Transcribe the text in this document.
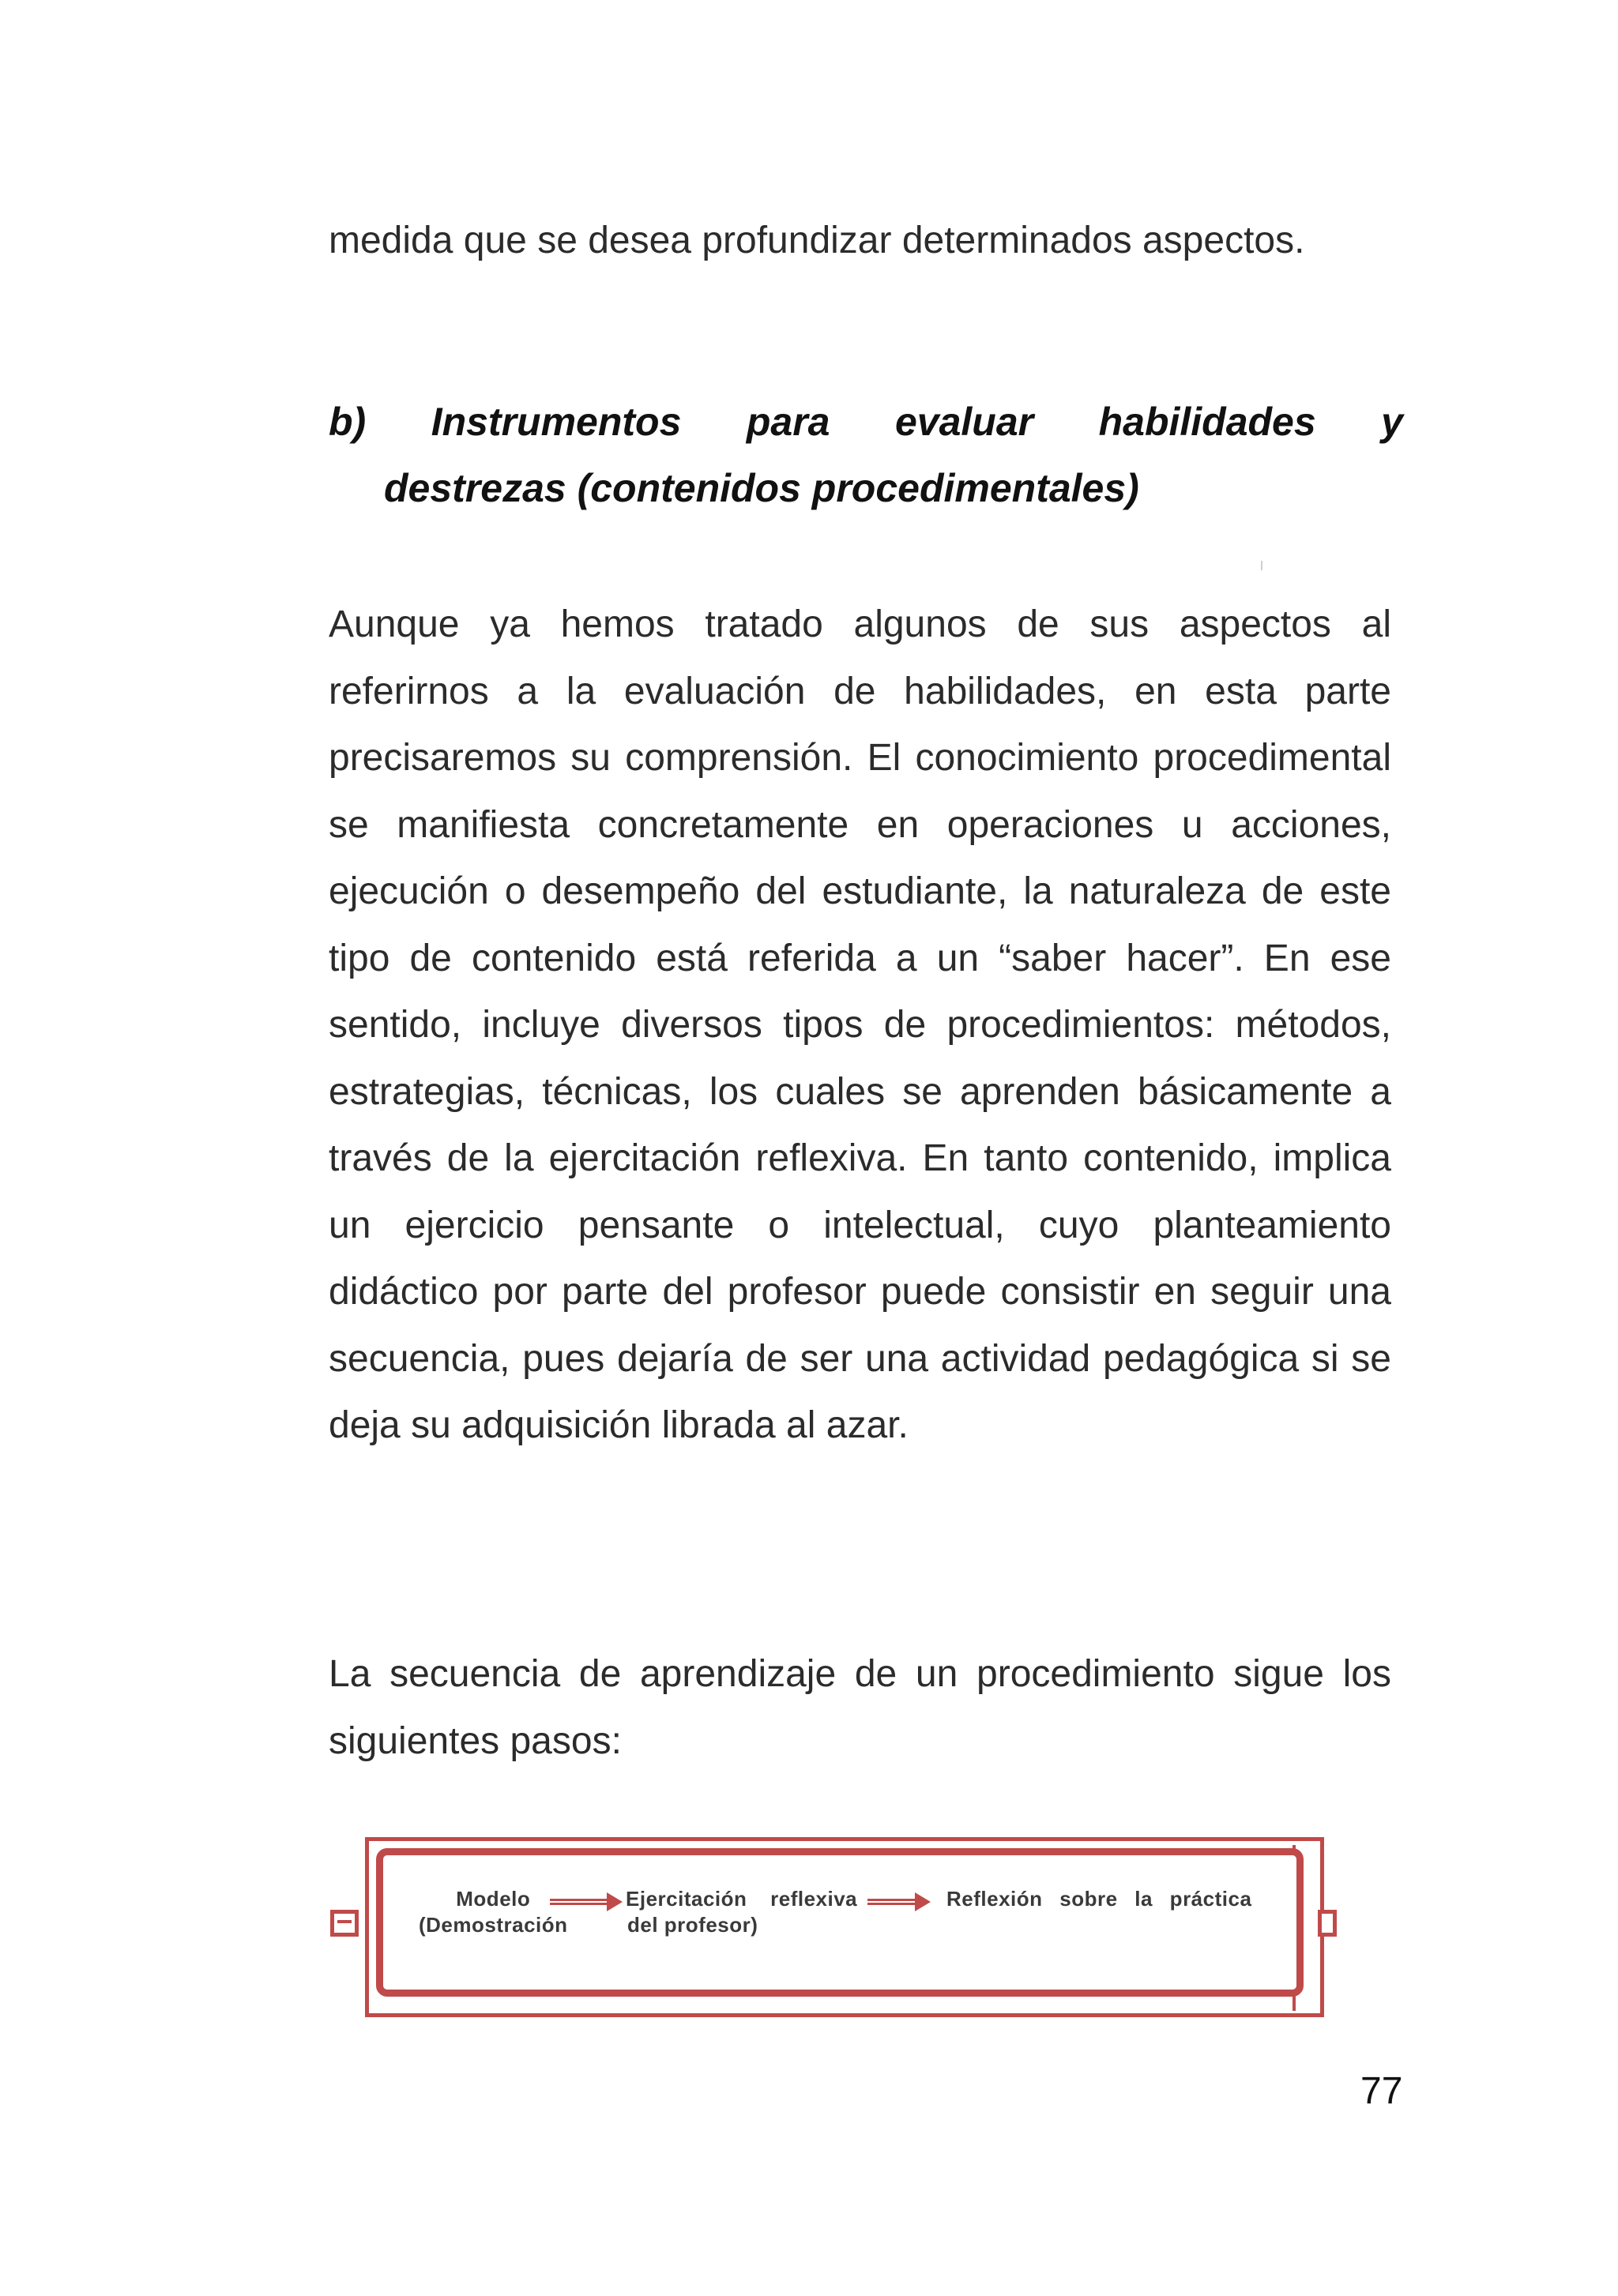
medida que se desea profundizar determinados aspectos.

b) Instrumentos para evaluar habilidades y
destrezas (contenidos procedimentales)

Aunque ya hemos tratado algunos de sus aspectos al referirnos a la evaluación de habilidades, en esta parte precisaremos su comprensión. El conocimiento procedimental se manifiesta concretamente en operaciones u acciones, ejecución o desempeño del estudiante, la naturaleza de este tipo de contenido está referida a un “saber hacer”. En ese sentido, incluye diversos tipos de procedimientos: métodos, estrategias, técnicas, los cuales se aprenden básicamente a través de la ejercitación reflexiva. En tanto contenido, implica un ejercicio pensante o intelectual, cuyo planteamiento didáctico por parte del profesor puede consistir en seguir una secuencia, pues dejaría de ser una actividad pedagógica si se deja su adquisición librada al azar.

La secuencia de aprendizaje de un procedimiento sigue los siguientes pasos:

Modelo
(Demostración
Ejercitación reflexiva
del profesor)
Reflexión sobre la práctica
77
